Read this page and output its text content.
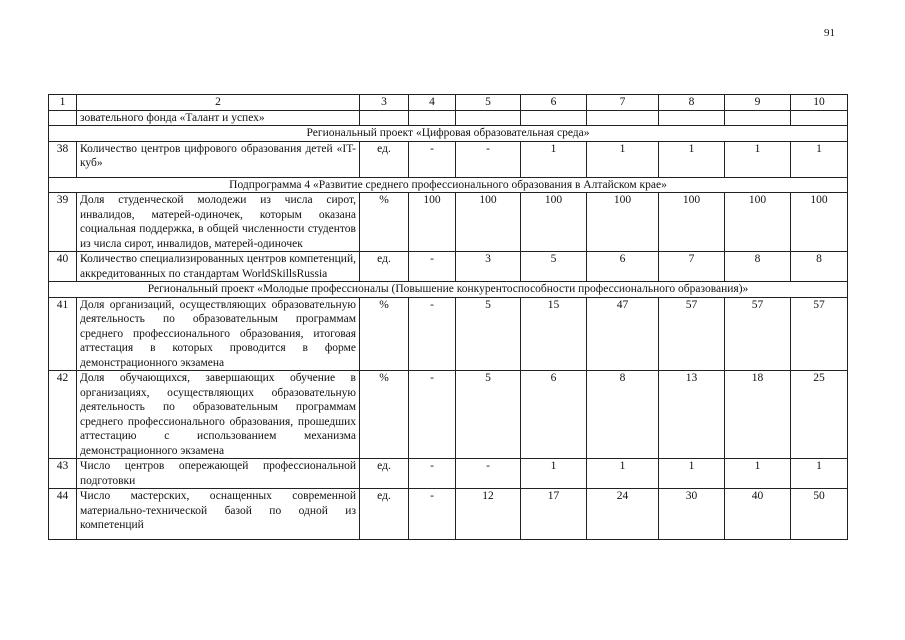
91
1	2	3	4	5	6	7	8	9	10
	зовательного фонда «Талант и успех»								
Региональный проект «Цифровая образовательная среда»									
38	Количество центров цифрового образования детей «IT-куб»	ед.	-	-	1	1	1	1	1
Подпрограмма 4 «Развитие среднего профессионального образования в Алтайском крае»									
39	Доля студенческой молодежи из числа сирот, инвалидов, матерей-одиночек, которым оказана социальная поддержка, в общей численности студентов из числа сирот, инвалидов, матерей-одиночек	%	100	100	100	100	100	100	100
40	Количество специализированных центров компетенций, аккредитованных по стандартам WorldSkillsRussia	ед.	-	3	5	6	7	8	8
Региональный проект «Молодые профессионалы (Повышение конкурентоспособности профессионального образования)»									
41	Доля организаций, осуществляющих образовательную деятельность по образовательным программам среднего профессионального образования, итоговая аттестация в которых проводится в форме демонстрационного экзамена	%	-	5	15	47	57	57	57
42	Доля обучающихся, завершающих обучение в организациях, осуществляющих образовательную деятельность по образовательным программам среднего профессионального образования, прошедших аттестацию с использованием механизма демонстрационного экзамена	%	-	5	6	8	13	18	25
43	Число центров опережающей профессиональной подготовки	ед.	-	-	1	1	1	1	1
44	Число мастерских, оснащенных современной материально-технической базой по одной из компетенций	ед.	-	12	17	24	30	40	50
